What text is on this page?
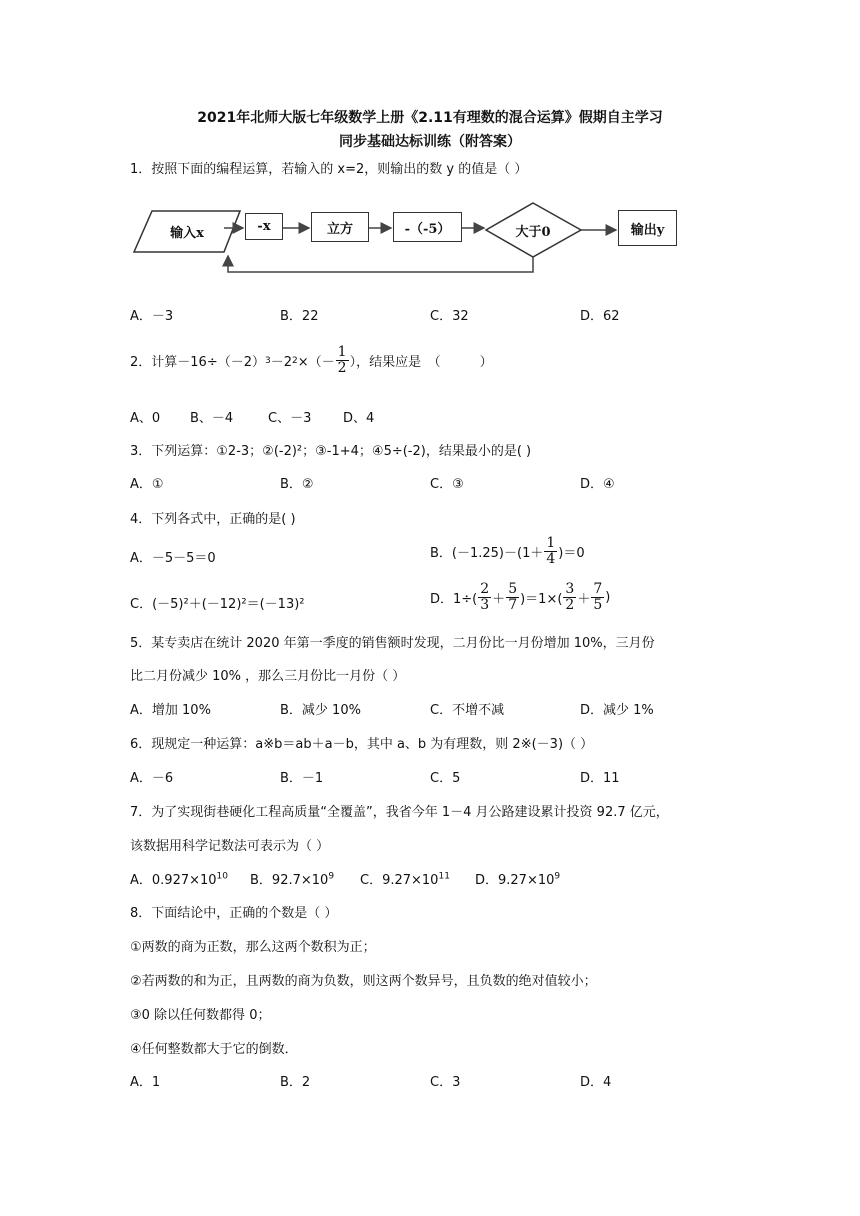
2021年北师大版七年级数学上册《2.11有理数的混合运算》假期自主学习
同步基础达标训练（附答案）
1．按照下面的编程运算，若输入的 x=2，则输出的数 y 的值是（ ）
输入x	-x	立方	-（-5）	大于0	输出y
A．－3	B．22	C．32	D．62
2．计算－16÷（－2） 3 －2 2 ×（－ $\frac{1}{2}$ ），结果应是　（　　　）
A、0 B、－4	C、－3 D、4
3．下列运算：①2-3；②(-2)²；③-1+4；④5÷(-2)，结果最小的是( )
A．①	B．②	C．③	D．④
4．下列各式中，正确的是( )
A．－5－5＝0	B．$(-1.25)-(1+ \frac{1}{4} )=0$
C．(－5)²＋(－12)²＝(－13)²	D．$1\div( \frac{2}{3} + \frac{5}{7} )=1\times( \frac{3}{2} + \frac{7}{5}$ )
5．某专卖店在统计 2020 年第一季度的销售额时发现，二月份比一月份增加 10%，三月份
比二月份减少 10% ，那么三月份比一月份（ ）
A．增加 10%	B．减少 10%	C．不增不减	D．减少 1%
6．现规定一种运算：a※b＝ab＋a－b，其中 a、b 为有理数，则 2※(－3)（ ）
A．－6	B．－1	C．5	D．11
7．为了实现街巷硬化工程高质量“全覆盖”，我省今年 1－4 月公路建设累计投资 92.7 亿元，
该数据用科学记数法可表示为（ ）
A．$0.927\times 10^{10}$ B．$92.7\times 10^9$ C．$9.27\times 10^{11}$ D．$9.27\times 10^9$
8．下面结论中，正确的个数是（ ）
①两数的商为正数，那么这两个数积为正；
②若两数的和为正，且两数的商为负数，则这两个数异号，且负数的绝对值较小；
③0 除以任何数都得 0；
④任何整数都大于它的倒数．
A．1	B．2	C．3	D．4
